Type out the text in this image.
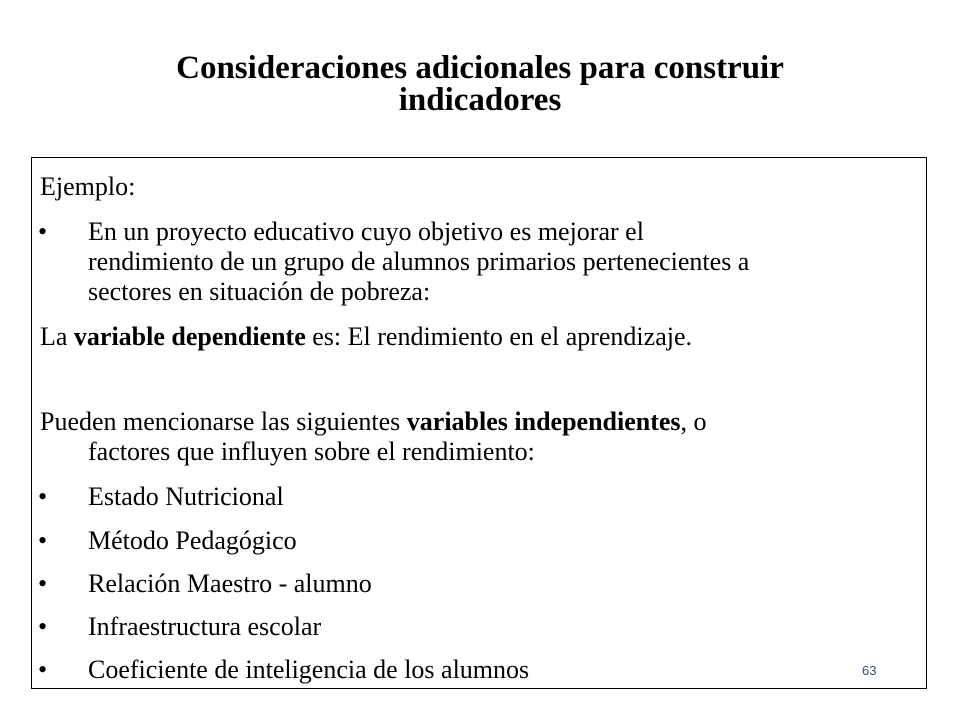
Consideraciones adicionales para construir
indicadores
Ejemplo:
• En un proyecto educativo cuyo objetivo es mejorar el
rendimiento de un grupo de alumnos primarios pertenecientes a
sectores en situación de pobreza:
La variable dependiente es: El rendimiento en el aprendizaje.
Pueden mencionarse las siguientes variables independientes, o
factores que influyen sobre el rendimiento:
• Estado Nutricional
• Método Pedagógico
• Relación Maestro - alumno
• Infraestructura escolar
• Coeficiente de inteligencia de los alumnos	63
